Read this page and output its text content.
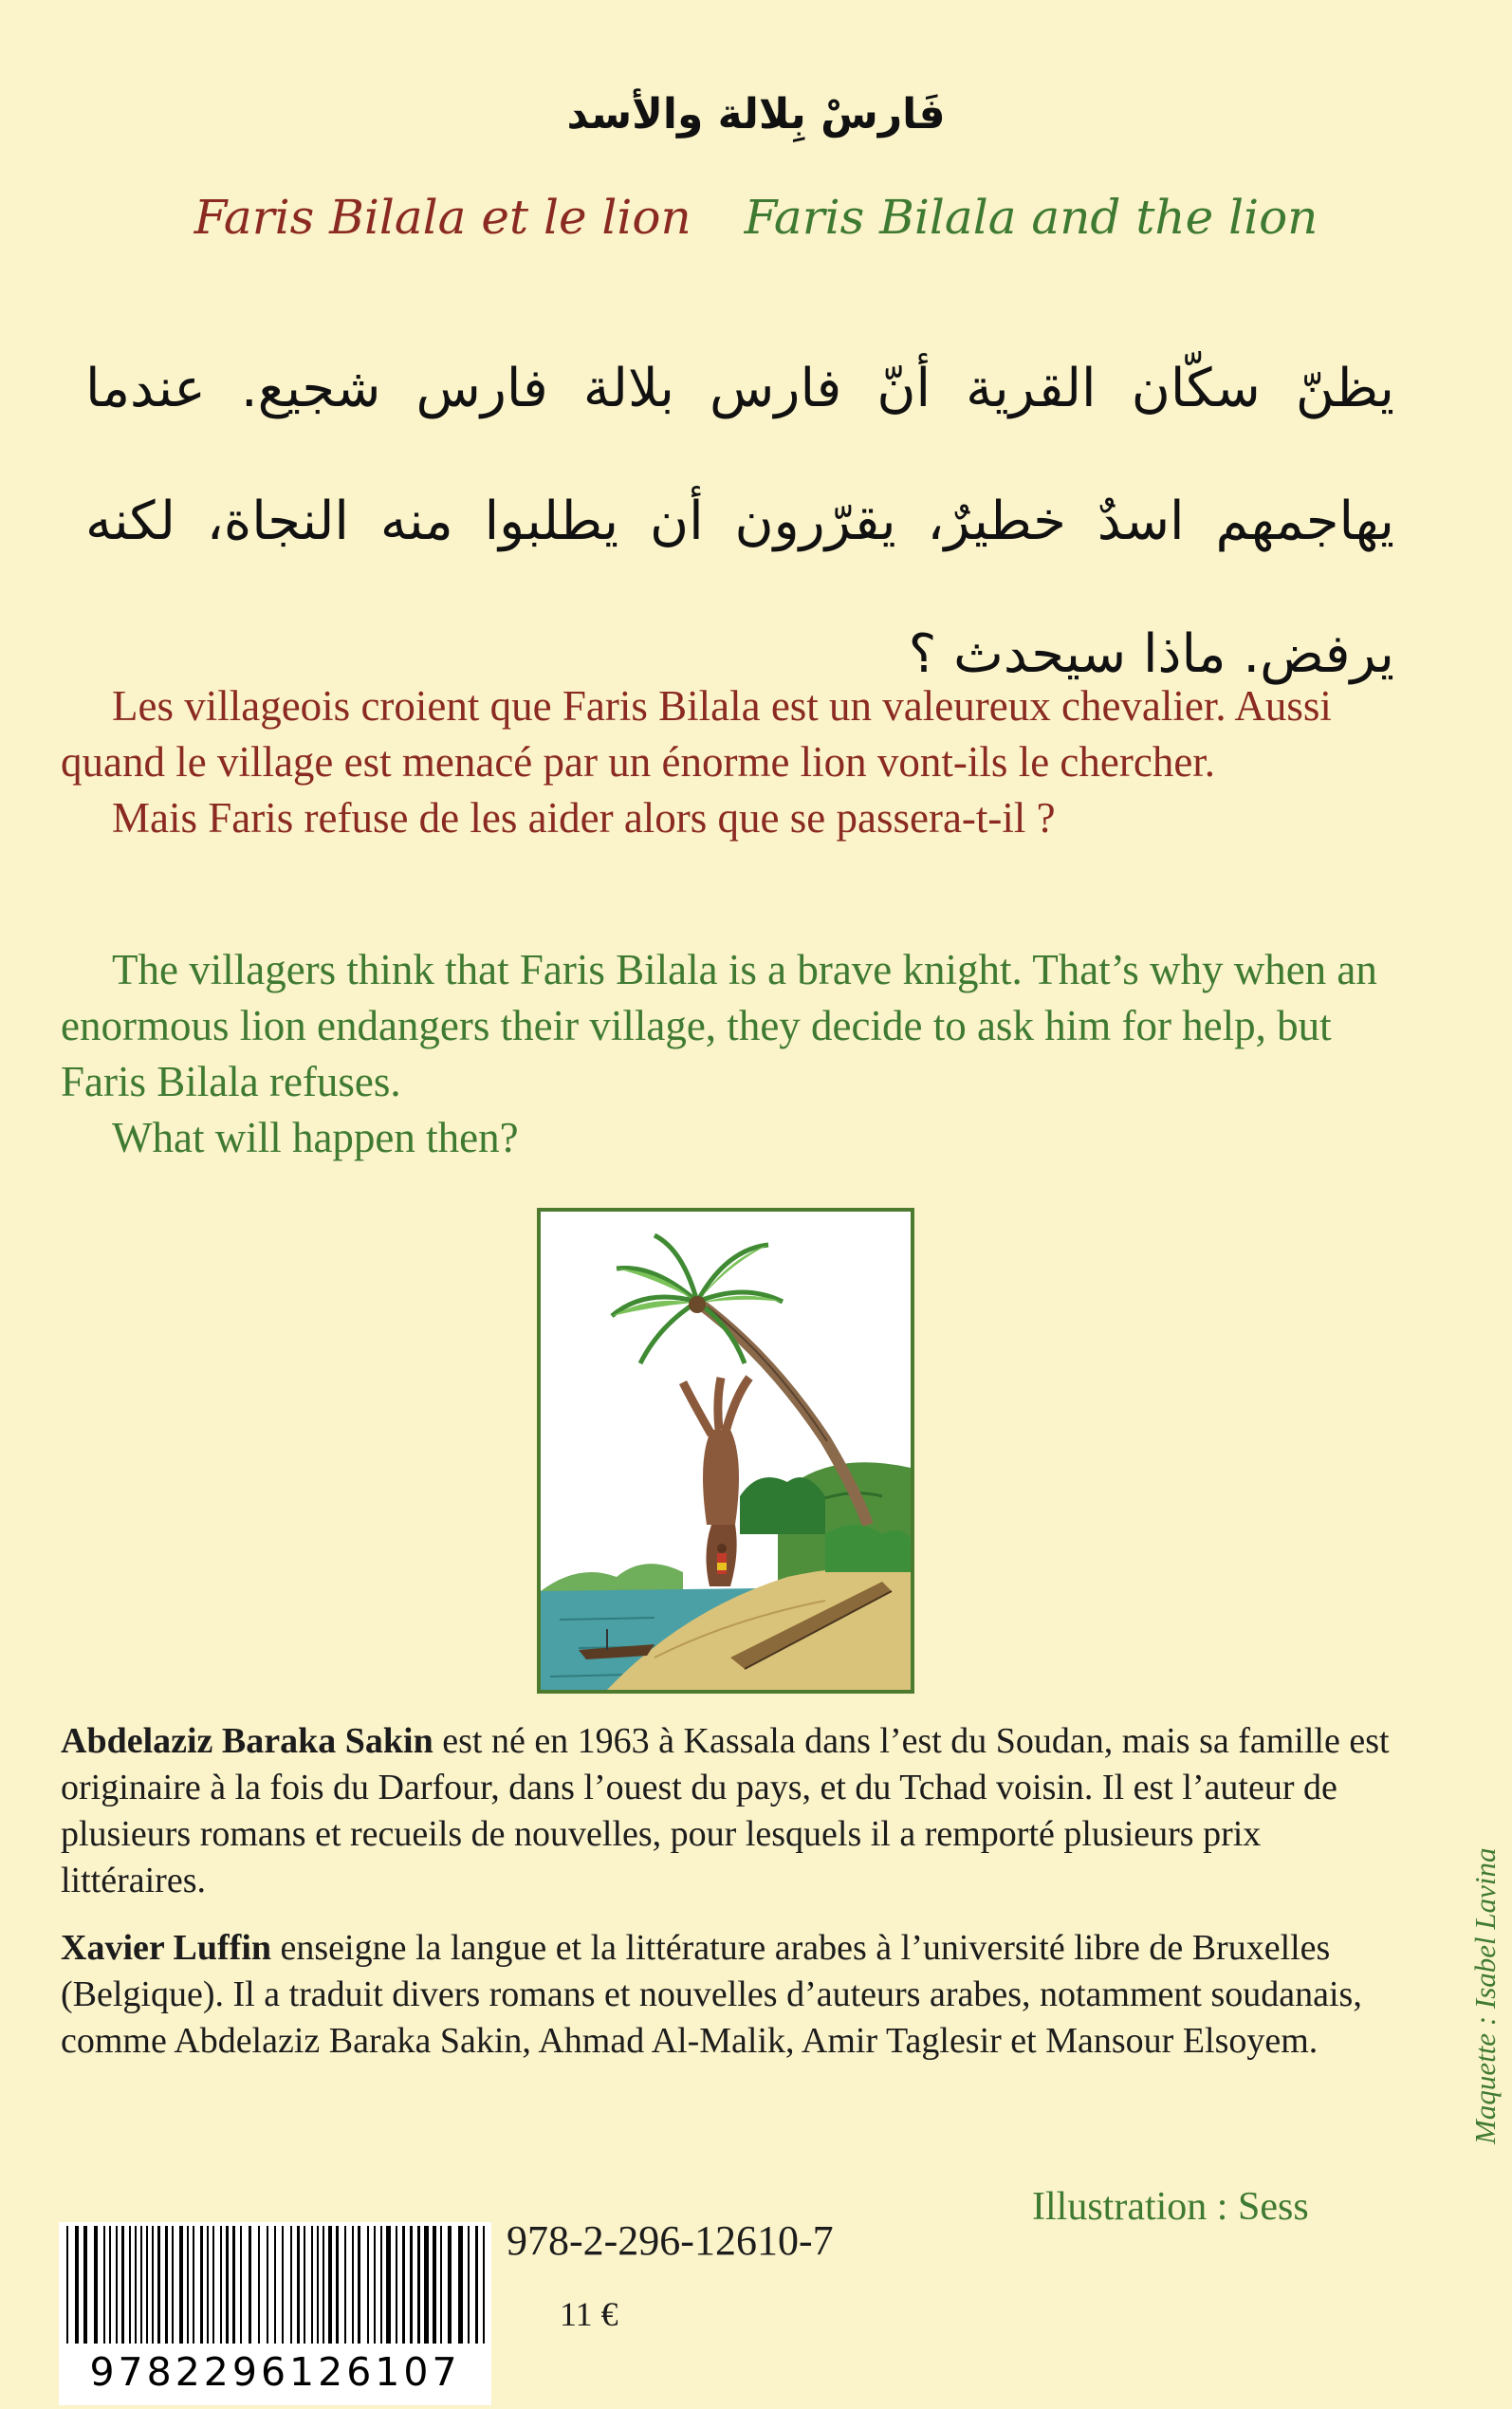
فَارسْ بِلالة والأسد
Faris Bilala et le lion Faris Bilala and the lion
يظنّ سكّان القرية أنّ فارس بلالة فارس شجيع. عندما يهاجمهم اسدٌ خطيرٌ، يقرّرون أن يطلبوا منه النجاة، لكنه يرفض. ماذا سيحدث ؟

Les villageois croient que Faris Bilala est un valeureux chevalier. Aussi quand le village est menacé par un énorme lion vont-ils le chercher.

Mais Faris refuse de les aider alors que se passera-t-il ?

The villagers think that Faris Bilala is a brave knight. That’s why when an enormous lion endangers their village, they decide to ask him for help, but Faris Bilala refuses.

What will happen then?

Abdelaziz Baraka Sakin est né en 1963 à Kassala dans l’est du Soudan, mais sa famille est originaire à la fois du Darfour, dans l’ouest du pays, et du Tchad voisin. Il est l’auteur de plusieurs romans et recueils de nouvelles, pour lesquels il a remporté plusieurs prix littéraires.

Xavier Luffin enseigne la langue et la littérature arabes à l’université libre de Bruxelles (Belgique). Il a traduit divers romans et nouvelles d’auteurs arabes, notamment soudanais, comme Abdelaziz Baraka Sakin, Ahmad Al-Malik, Amir Taglesir et Mansour Elsoyem.

Illustration : Sess
Maquette : Isabel Lavina
9782296126107
978-2-296-12610-7
11 €
